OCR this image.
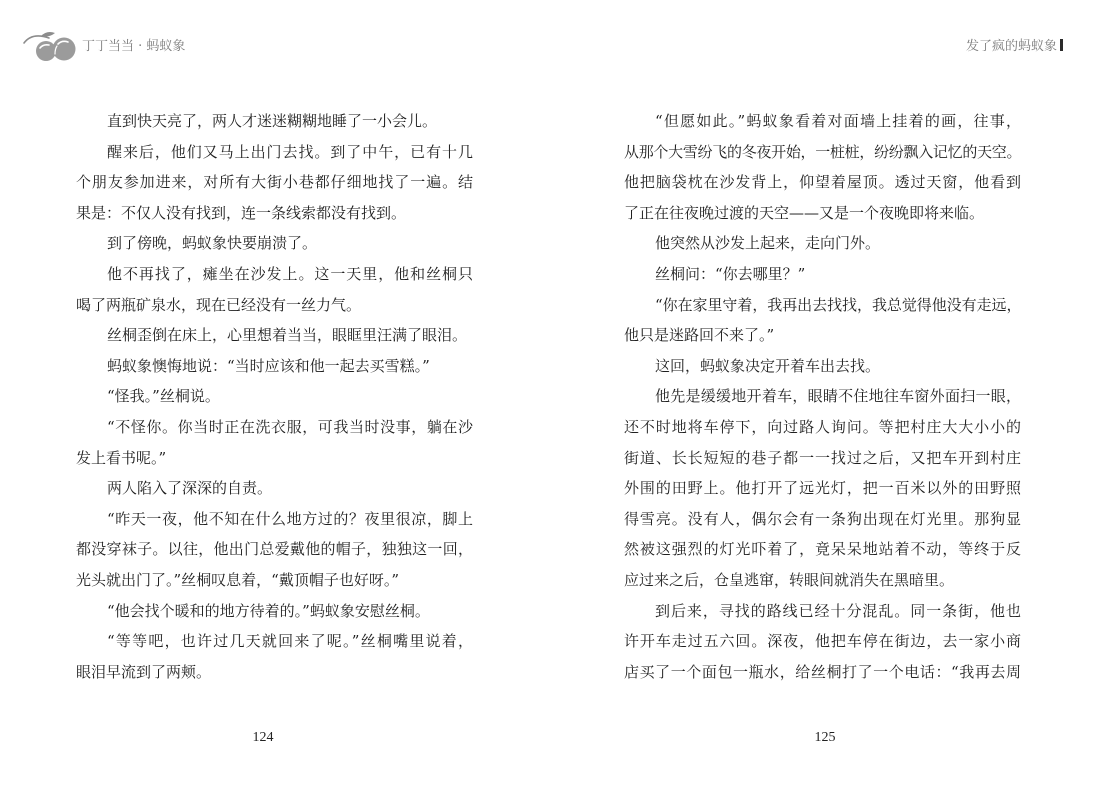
丁丁当当 · 蚂蚁象	发了疯的蚂蚁象
直到快天亮了，两人才迷迷糊糊地睡了一小会儿。
醒来后，他们又马上出门去找。到了中午，已有十几
个朋友参加进来，对所有大街小巷都仔细地找了一遍。结
果是：不仅人没有找到，连一条线索都没有找到。
到了傍晚，蚂蚁象快要崩溃了。
他不再找了，瘫坐在沙发上。这一天里，他和丝桐只
喝了两瓶矿泉水，现在已经没有一丝力气。
丝桐歪倒在床上，心里想着当当，眼眶里汪满了眼泪。
蚂蚁象懊悔地说：“当时应该和他一起去买雪糕。”
“怪我。”丝桐说。
“不怪你。你当时正在洗衣服，可我当时没事，躺在沙
发上看书呢。”
两人陷入了深深的自责。
“昨天一夜，他不知在什么地方过的？夜里很凉，脚上
都没穿袜子。以往，他出门总爱戴他的帽子，独独这一回，
光头就出门了。”丝桐叹息着，“戴顶帽子也好呀。”
“他会找个暖和的地方待着的。”蚂蚁象安慰丝桐。
“等等吧，也许过几天就回来了呢。”丝桐嘴里说着，
眼泪早流到了两颊。
“但愿如此。”蚂蚁象看着对面墙上挂着的画，往事，
从那个大雪纷飞的冬夜开始，一桩桩，纷纷飘入记忆的天空。
他把脑袋枕在沙发背上，仰望着屋顶。透过天窗，他看到
了正在往夜晚过渡的天空——又是一个夜晚即将来临。
他突然从沙发上起来，走向门外。
丝桐问：“你去哪里？”
“你在家里守着，我再出去找找，我总觉得他没有走远，
他只是迷路回不来了。”
这回，蚂蚁象决定开着车出去找。
他先是缓缓地开着车，眼睛不住地往车窗外面扫一眼，
还不时地将车停下，向过路人询问。等把村庄大大小小的
街道、长长短短的巷子都一一找过之后，又把车开到村庄
外围的田野上。他打开了远光灯，把一百米以外的田野照
得雪亮。没有人，偶尔会有一条狗出现在灯光里。那狗显
然被这强烈的灯光吓着了，竟呆呆地站着不动，等终于反
应过来之后，仓皇逃窜，转眼间就消失在黑暗里。
到后来，寻找的路线已经十分混乱。同一条街，他也
许开车走过五六回。深夜，他把车停在街边，去一家小商
店买了一个面包一瓶水，给丝桐打了一个电话：“我再去周
124	125
